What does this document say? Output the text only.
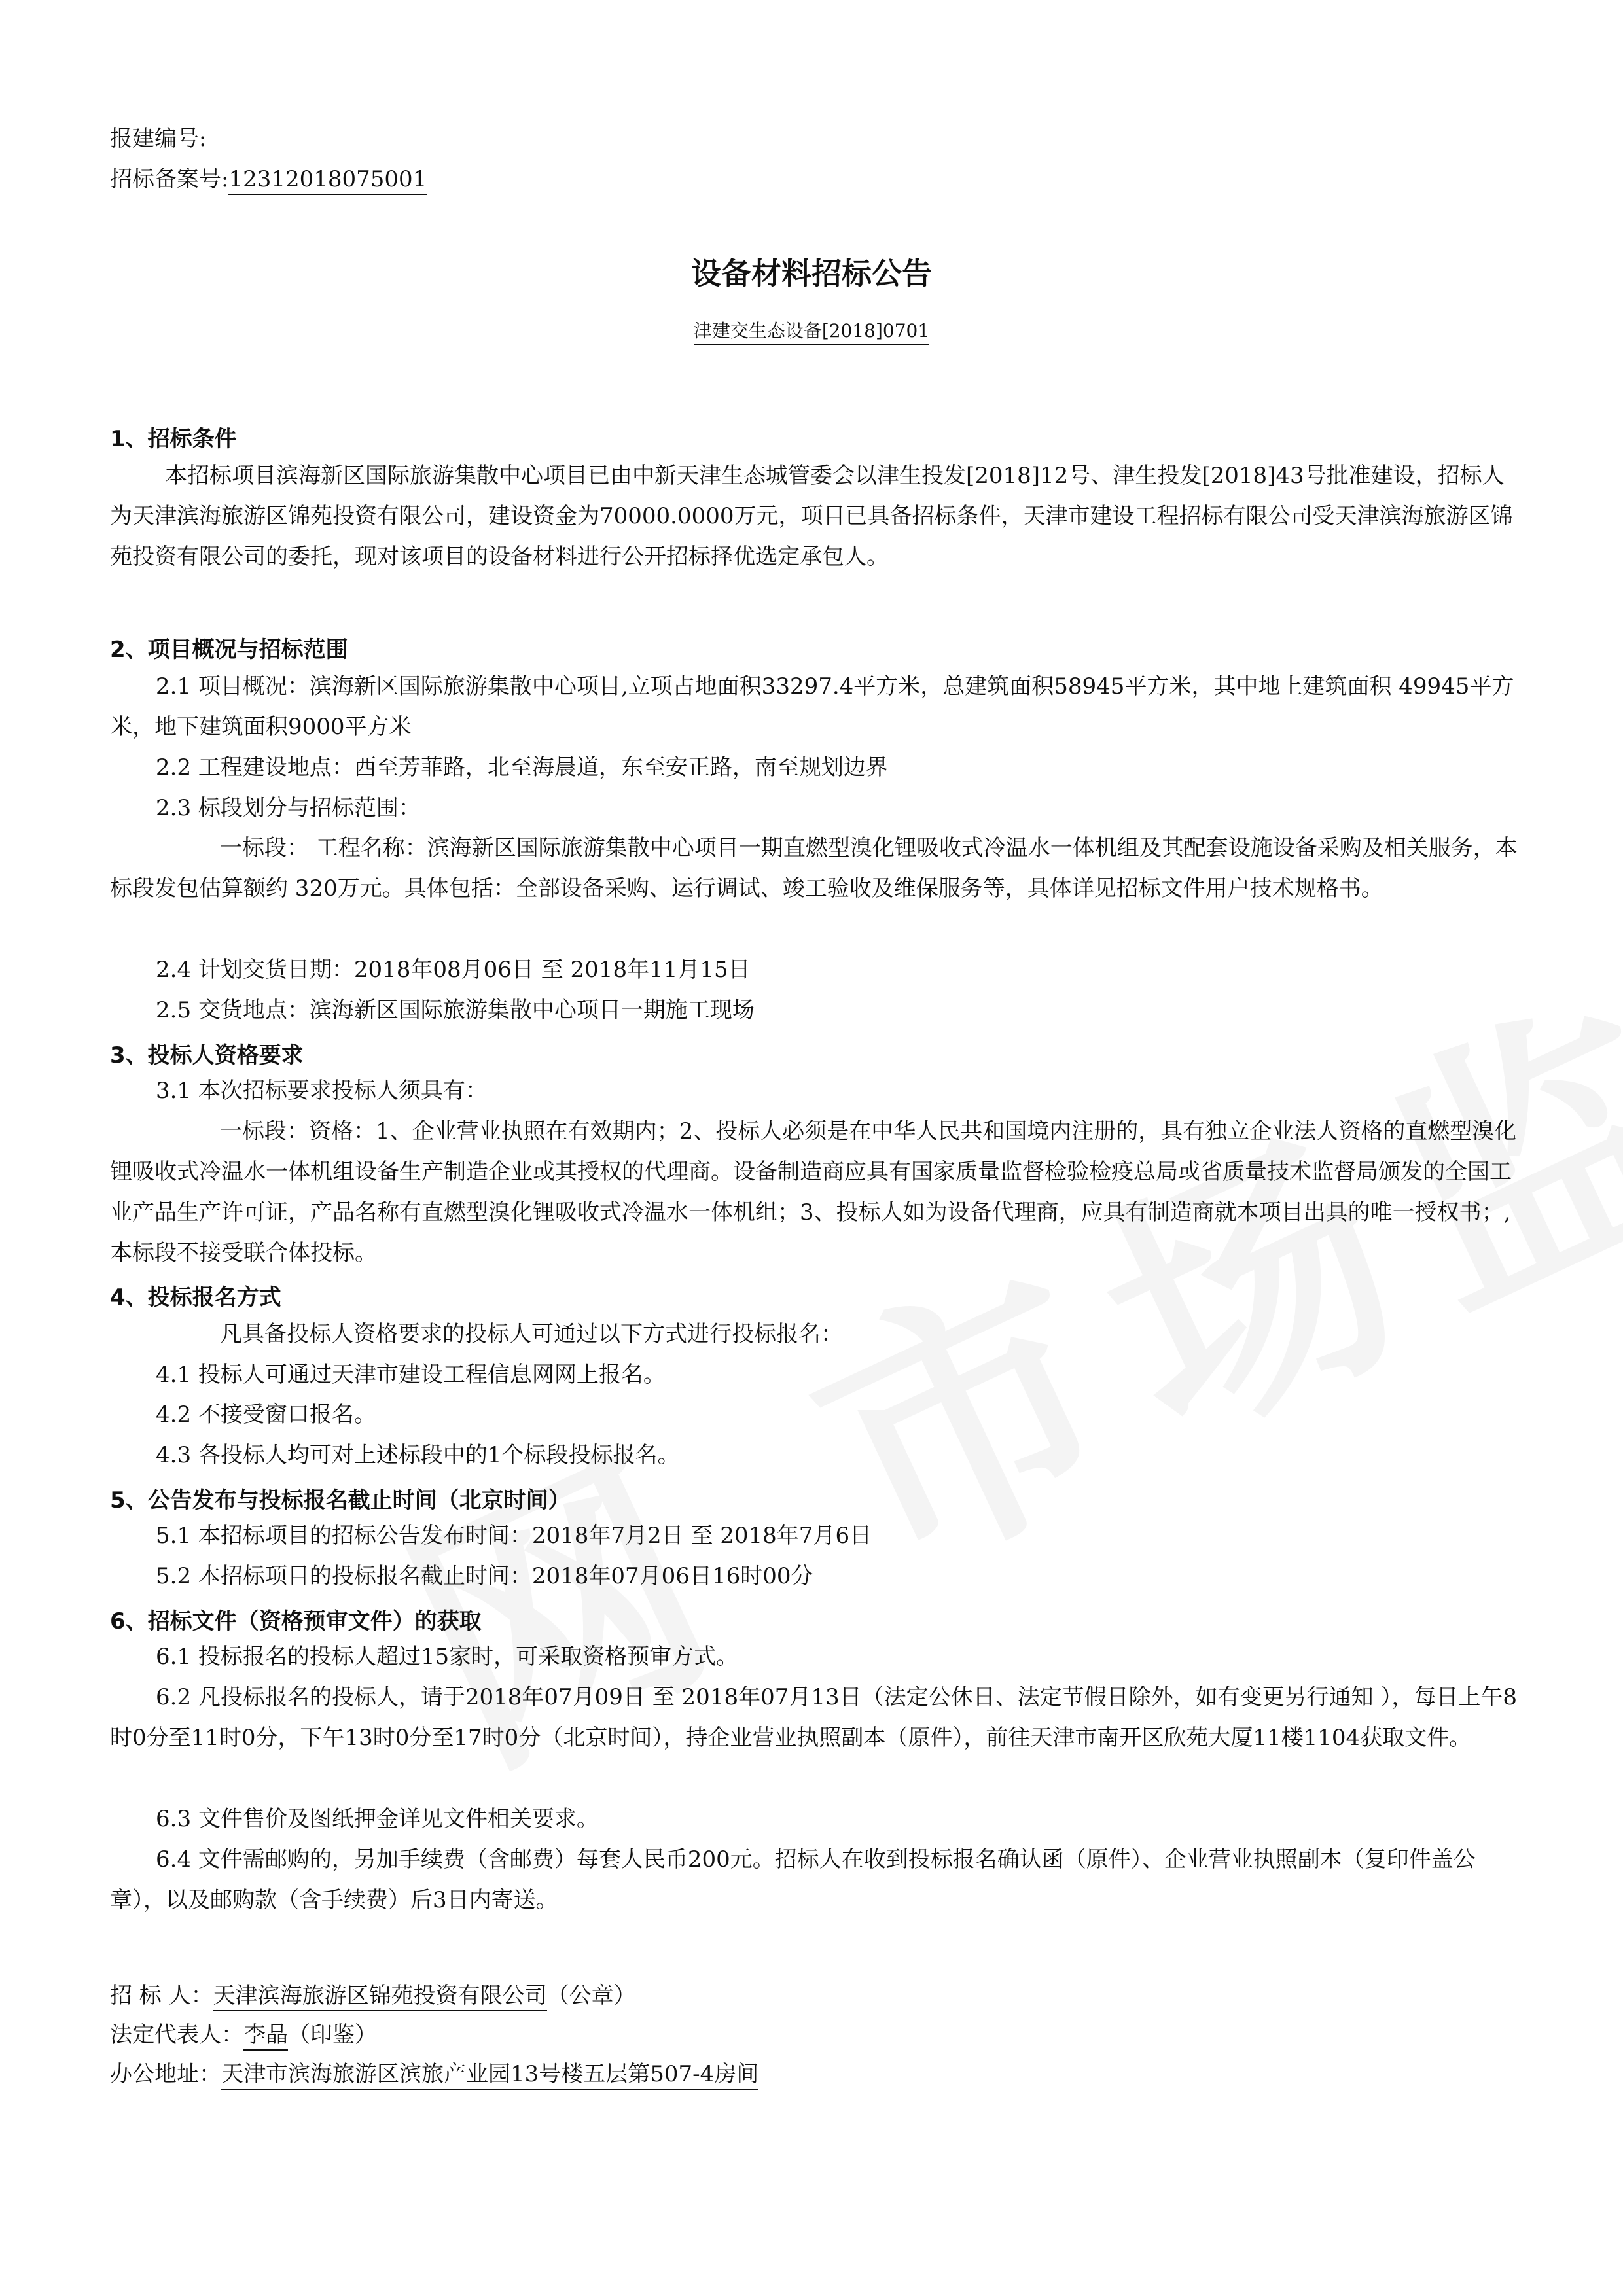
报建编号:
招标备案号:12312018075001
设备材料招标公告
津建交生态设备[2018]0701
1、招标条件
本招标项目滨海新区国际旅游集散中心项目已由中新天津生态城管委会以津生投发[2018]12号、津生投发[2018]43号批准建设，招标人为天津滨海旅游区锦苑投资有限公司，建设资金为70000.0000万元，项目已具备招标条件，天津市建设工程招标有限公司受天津滨海旅游区锦苑投资有限公司的委托，现对该项目的设备材料进行公开招标择优选定承包人。
2、项目概况与招标范围
2.1 项目概况：滨海新区国际旅游集散中心项目,立项占地面积33297.4平方米，总建筑面积58945平方米，其中地上建筑面积 49945平方米，地下建筑面积9000平方米
2.2 工程建设地点：西至芳菲路，北至海晨道，东至安正路，南至规划边界
2.3 标段划分与招标范围：
一标段： 工程名称：滨海新区国际旅游集散中心项目一期直燃型溴化锂吸收式冷温水一体机组及其配套设施设备采购及相关服务，本标段发包估算额约 320万元。具体包括：全部设备采购、运行调试、竣工验收及维保服务等，具体详见招标文件用户技术规格书。
2.4 计划交货日期：2018年08月06日 至 2018年11月15日
2.5 交货地点：滨海新区国际旅游集散中心项目一期施工现场
3、投标人资格要求
3.1 本次招标要求投标人须具有：
一标段：资格：1、企业营业执照在有效期内；2、投标人必须是在中华人民共和国境内注册的，具有独立企业法人资格的直燃型溴化锂吸收式冷温水一体机组设备生产制造企业或其授权的代理商。设备制造商应具有国家质量监督检验检疫总局或省质量技术监督局颁发的全国工业产品生产许可证，产品名称有直燃型溴化锂吸收式冷温水一体机组；3、投标人如为设备代理商，应具有制造商就本项目出具的唯一授权书；,本标段不接受联合体投标。
4、投标报名方式
凡具备投标人资格要求的投标人可通过以下方式进行投标报名：
4.1 投标人可通过天津市建设工程信息网网上报名。
4.2 不接受窗口报名。
4.3 各投标人均可对上述标段中的1个标段投标报名。
5、公告发布与投标报名截止时间（北京时间）
5.1 本招标项目的招标公告发布时间：2018年7月2日 至 2018年7月6日
5.2 本招标项目的投标报名截止时间：2018年07月06日16时00分
6、招标文件（资格预审文件）的获取
6.1 投标报名的投标人超过15家时，可采取资格预审方式。
6.2 凡投标报名的投标人，请于2018年07月09日 至 2018年07月13日（法定公休日、法定节假日除外，如有变更另行通知 ），每日上午8时0分至11时0分，下午13时0分至17时0分（北京时间），持企业营业执照副本（原件），前往天津市南开区欣苑大厦11楼1104获取文件。
6.3 文件售价及图纸押金详见文件相关要求。
6.4 文件需邮购的，另加手续费（含邮费）每套人民币200元。招标人在收到投标报名确认函（原件）、企业营业执照副本（复印件盖公章），以及邮购款（含手续费）后3日内寄送。
招 标 人：天津滨海旅游区锦苑投资有限公司（公章）
法定代表人：李晶（印鉴）
办公地址：天津市滨海旅游区滨旅产业园13号楼五层第507-4房间
